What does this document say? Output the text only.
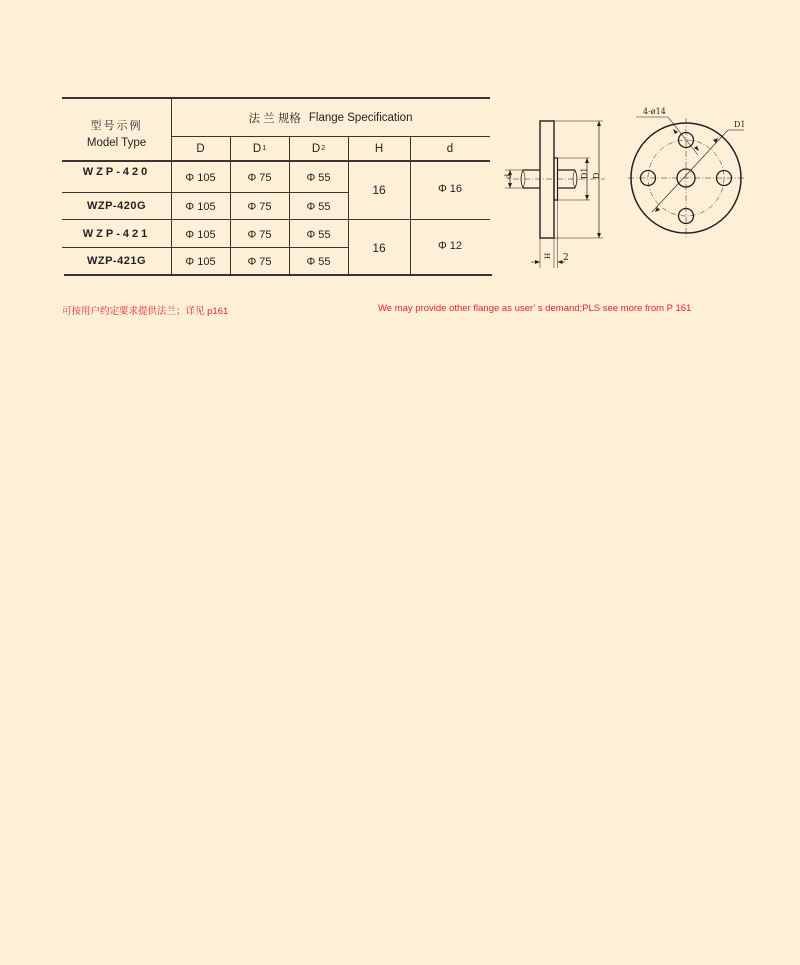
型号示例
Model Type
法 兰 规格 Flange Specification
D	D 1	D 2	H	d
WZP-420	Φ 105	Φ 75	Φ 55
WZP-420G	Φ 105	Φ 75	Φ 55
16	Φ 16
WZP-421	Φ 105	Φ 75	Φ 55
WZP-421G	Φ 105	Φ 75	Φ 55
16	Φ 12
d	D1 D
H 2
4-ø14
D1
可按用户约定要求提供法兰；详见 p161	We may provide other flange as user’ s demand;PLS see more from P 161
